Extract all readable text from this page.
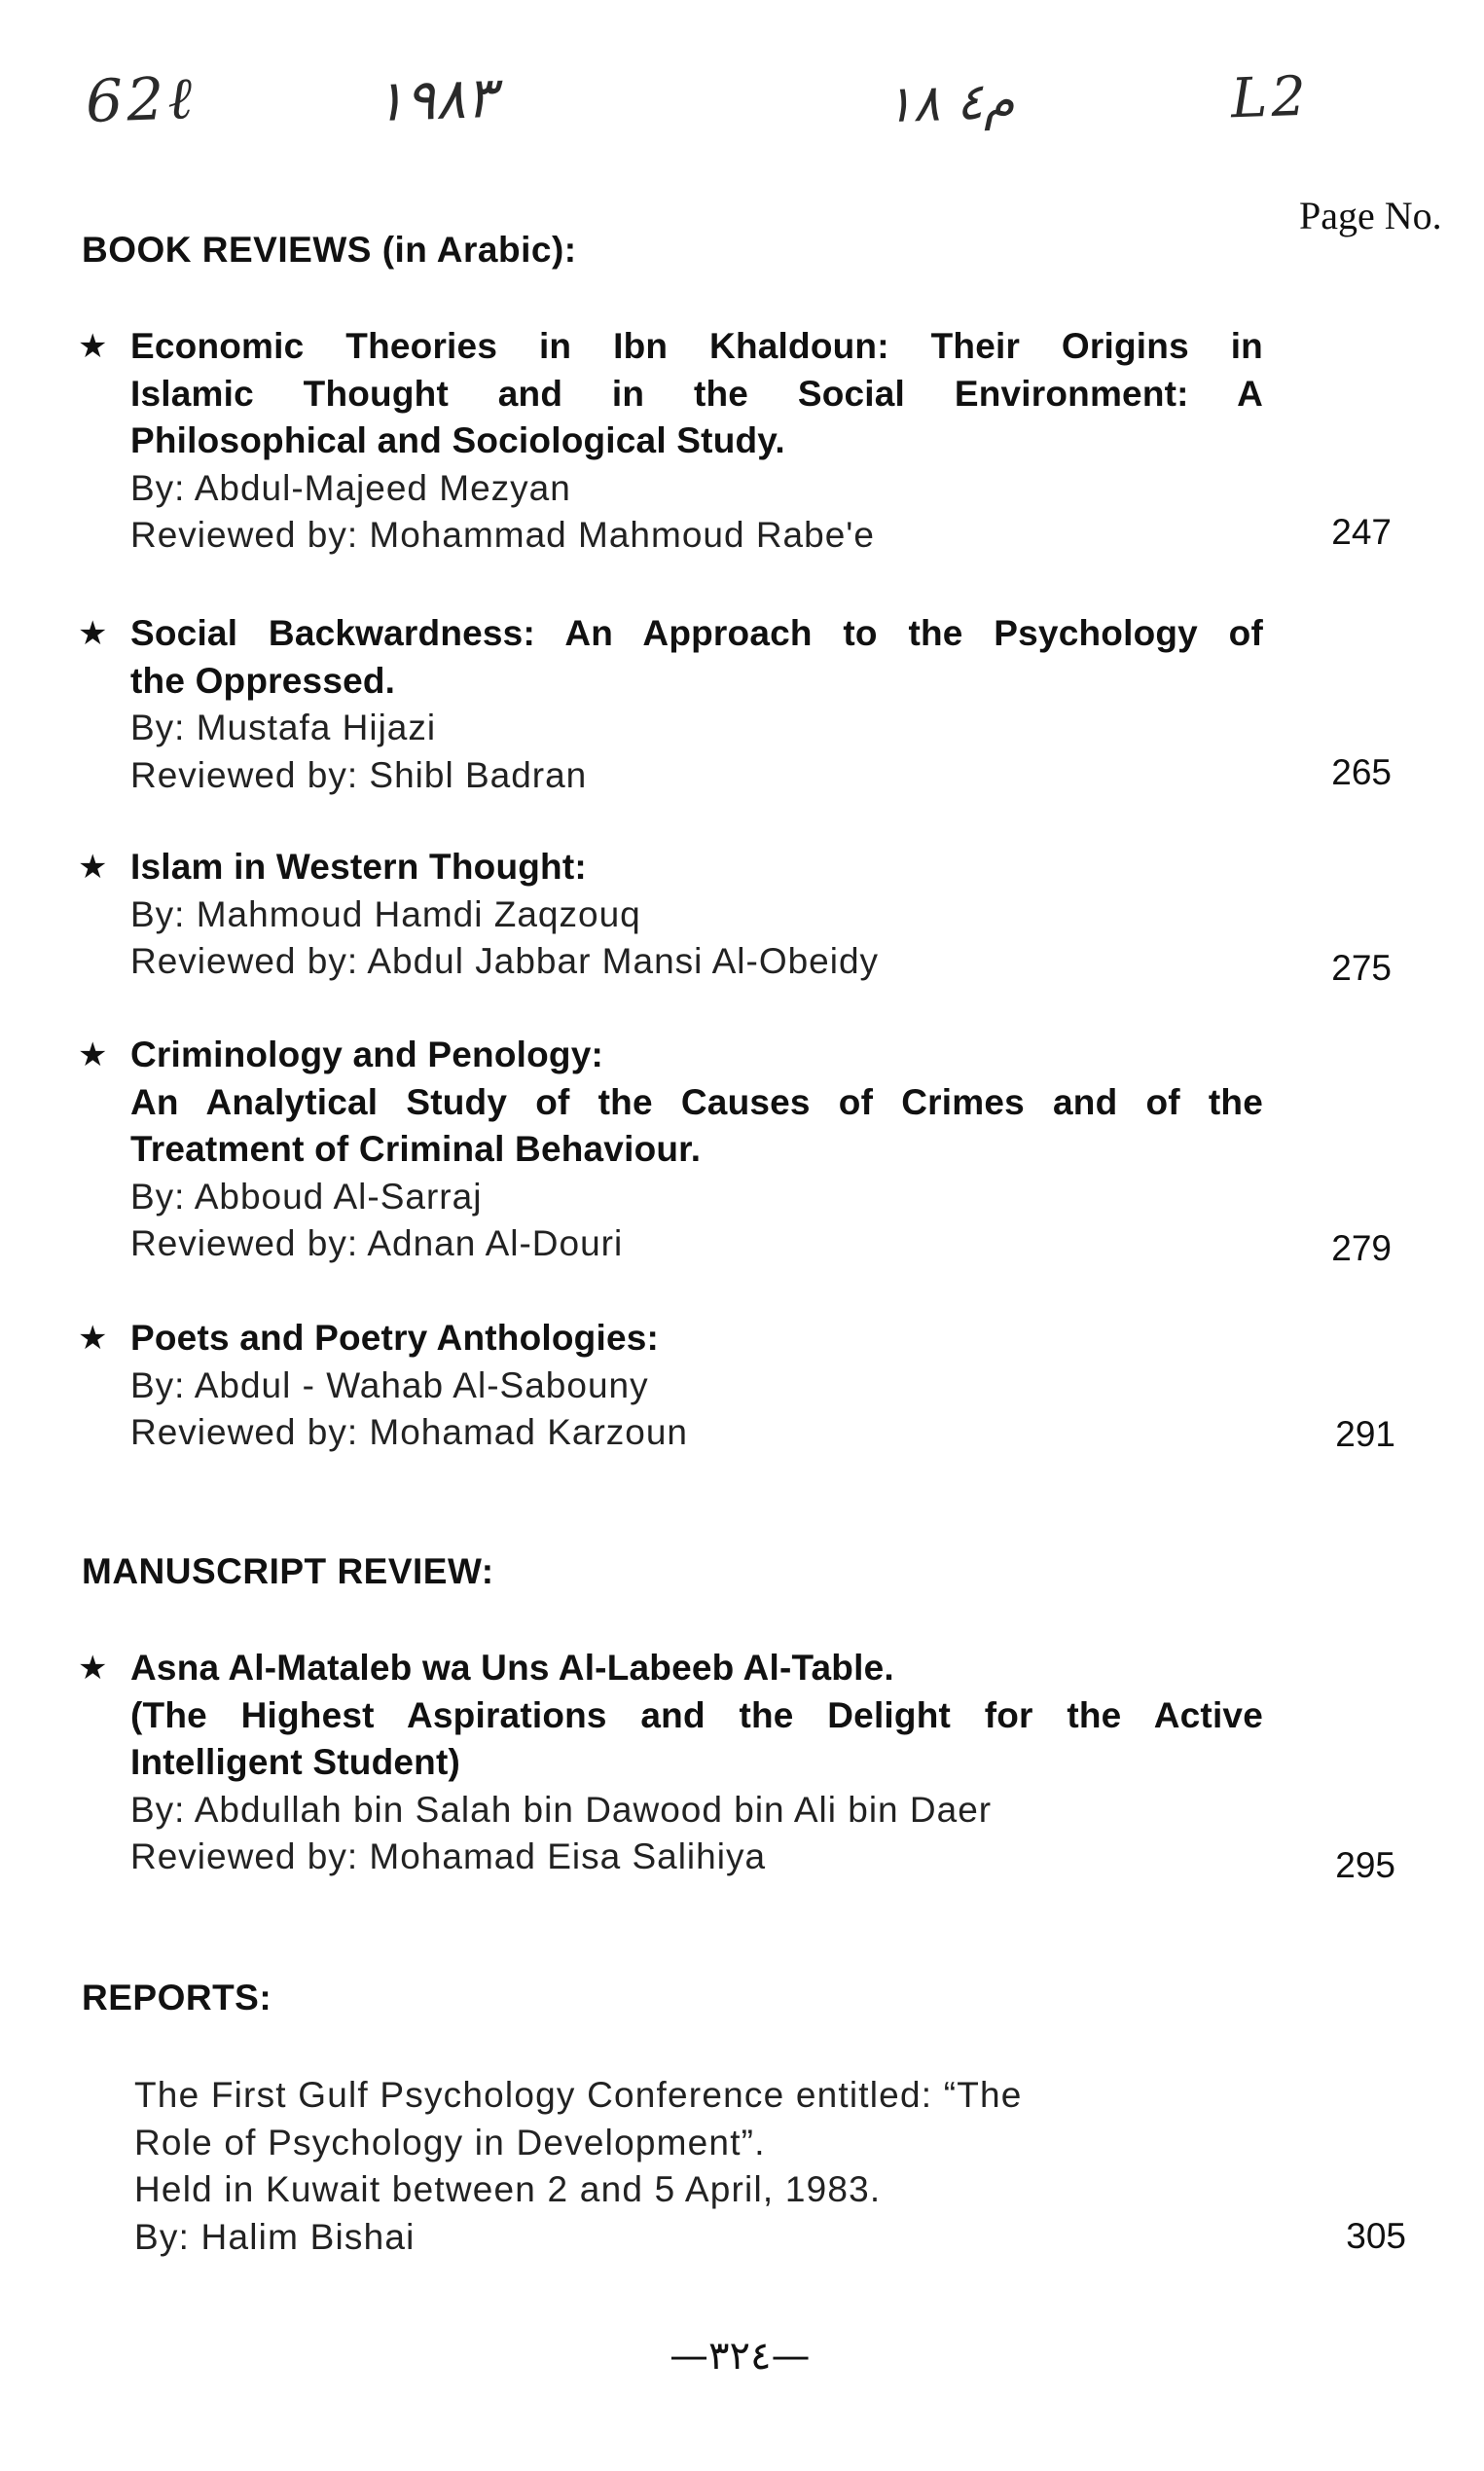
62ℓ	١٩٨٣	م٤ ١٨	L2
Page No.
BOOK REVIEWS (in Arabic):
★ Economic Theories in Ibn Khaldoun: Their Origins in
Islamic Thought and in the Social Environment: A
Philosophical and Sociological Study.
By: Abdul-Majeed Mezyan
Reviewed by: Mohammad Mahmoud Rabe'e	247
★ Social Backwardness: An Approach to the Psychology of
the Oppressed.
By: Mustafa Hijazi
Reviewed by: Shibl Badran	265
★ Islam in Western Thought:
By: Mahmoud Hamdi Zaqzouq
Reviewed by: Abdul Jabbar Mansi Al-Obeidy	275
★ Criminology and Penology:
An Analytical Study of the Causes of Crimes and of the
Treatment of Criminal Behaviour.
By: Abboud Al-Sarraj
Reviewed by: Adnan Al-Douri	279
★ Poets and Poetry Anthologies:
By: Abdul - Wahab Al-Sabouny
Reviewed by: Mohamad Karzoun	291
MANUSCRIPT REVIEW:
★ Asna Al-Mataleb wa Uns Al-Labeeb Al-Table.
(The Highest Aspirations and the Delight for the Active
Intelligent Student)
By: Abdullah bin Salah bin Dawood bin Ali bin Daer
Reviewed by: Mohamad Eisa Salihiya	295
REPORTS:
The First Gulf Psychology Conference entitled: “The
Role of Psychology in Development”.
Held in Kuwait between 2 and 5 April, 1983.
By: Halim Bishai	305
—٣٢٤—
